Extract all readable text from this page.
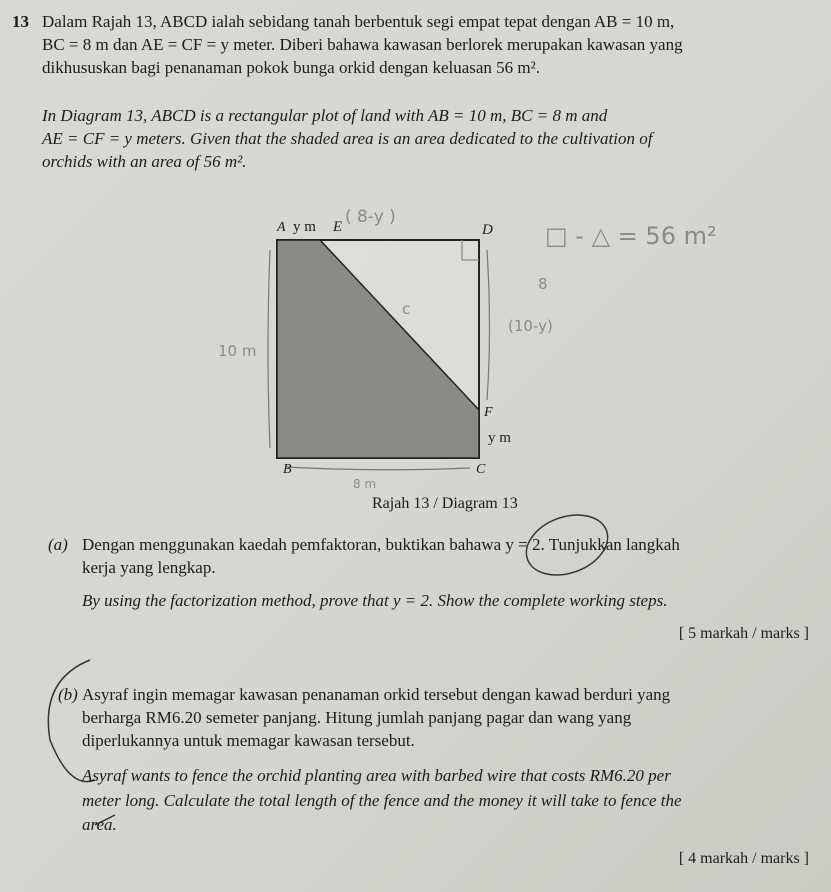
13 Dalam Rajah 13, ABCD ialah sebidang tanah berbentuk segi empat tepat dengan AB = 10 m,
BC = 8 m dan AE = CF = y meter. Diberi bahawa kawasan berlorek merupakan kawasan yang
dikhususkan bagi penanaman pokok bunga orkid dengan keluasan 56 m².
In Diagram 13, ABCD is a rectangular plot of land with AB = 10 m, BC = 8 m and
AE = CF = y meters. Given that the shaded area is an area dedicated to the cultivation of
orchids with an area of 56 m².
A y m E	D
F
y m
B	C
Rajah 13 / Diagram 13
( 8-y )
10 m
8
(10-y)
8 m
c
□ - △ = 56 m²
(a) Dengan menggunakan kaedah pemfaktoran, buktikan bahawa y = 2. Tunjukkan langkah
kerja yang lengkap.
By using the factorization method, prove that y = 2. Show the complete working steps.
[ 5 markah / marks ]
(b) Asyraf ingin memagar kawasan penanaman orkid tersebut dengan kawad berduri yang
berharga RM6.20 semeter panjang. Hitung jumlah panjang pagar dan wang yang
diperlukannya untuk memagar kawasan tersebut.
Asyraf wants to fence the orchid planting area with barbed wire that costs RM6.20 per
meter long. Calculate the total length of the fence and the money it will take to fence the
area.
[ 4 markah / marks ]
